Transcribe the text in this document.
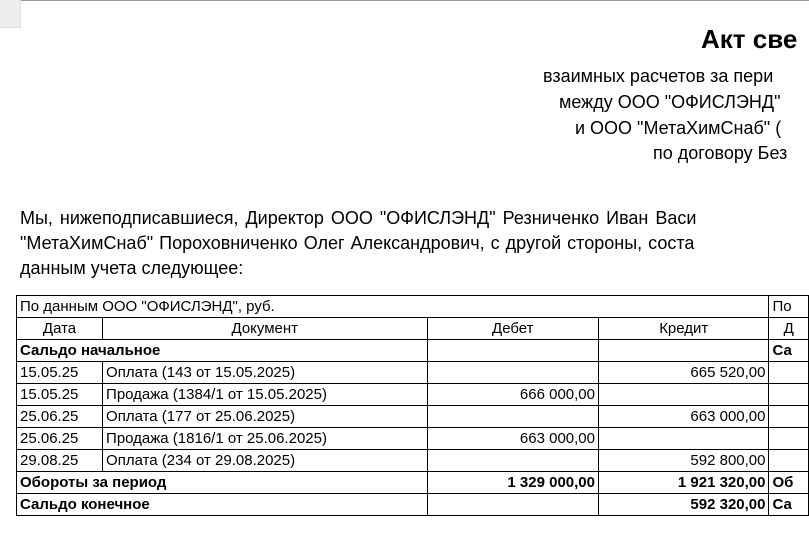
Акт све
взаимных расчетов за пери
между ООО "ОФИСЛЭНД"
и ООО "МетаХимСнаб" (
по договору Без
Мы, нижеподписавшиеся, Директор ООО "ОФИСЛЭНД" Резниченко Иван Васи
"МетаХимСнаб" Пороховниченко Олег Александрович, с другой стороны, соста
данным учета следующее:
По данным ООО "ОФИСЛЭНД", руб.				По
Дата	Документ	Дебет	Кредит	Д
Сальдо начальное				Са
15.05.25	Оплата (143 от 15.05.2025)		665 520,00	
15.05.25	Продажа (1384/1 от 15.05.2025)	666 000,00		
25.06.25	Оплата (177 от 25.06.2025)		663 000,00	
25.06.25	Продажа (1816/1 от 25.06.2025)	663 000,00		
29.08.25	Оплата (234 от 29.08.2025)		592 800,00	
Обороты за период		1 329 000,00	1 921 320,00	Об
Сальдо конечное			592 320,00	Са
